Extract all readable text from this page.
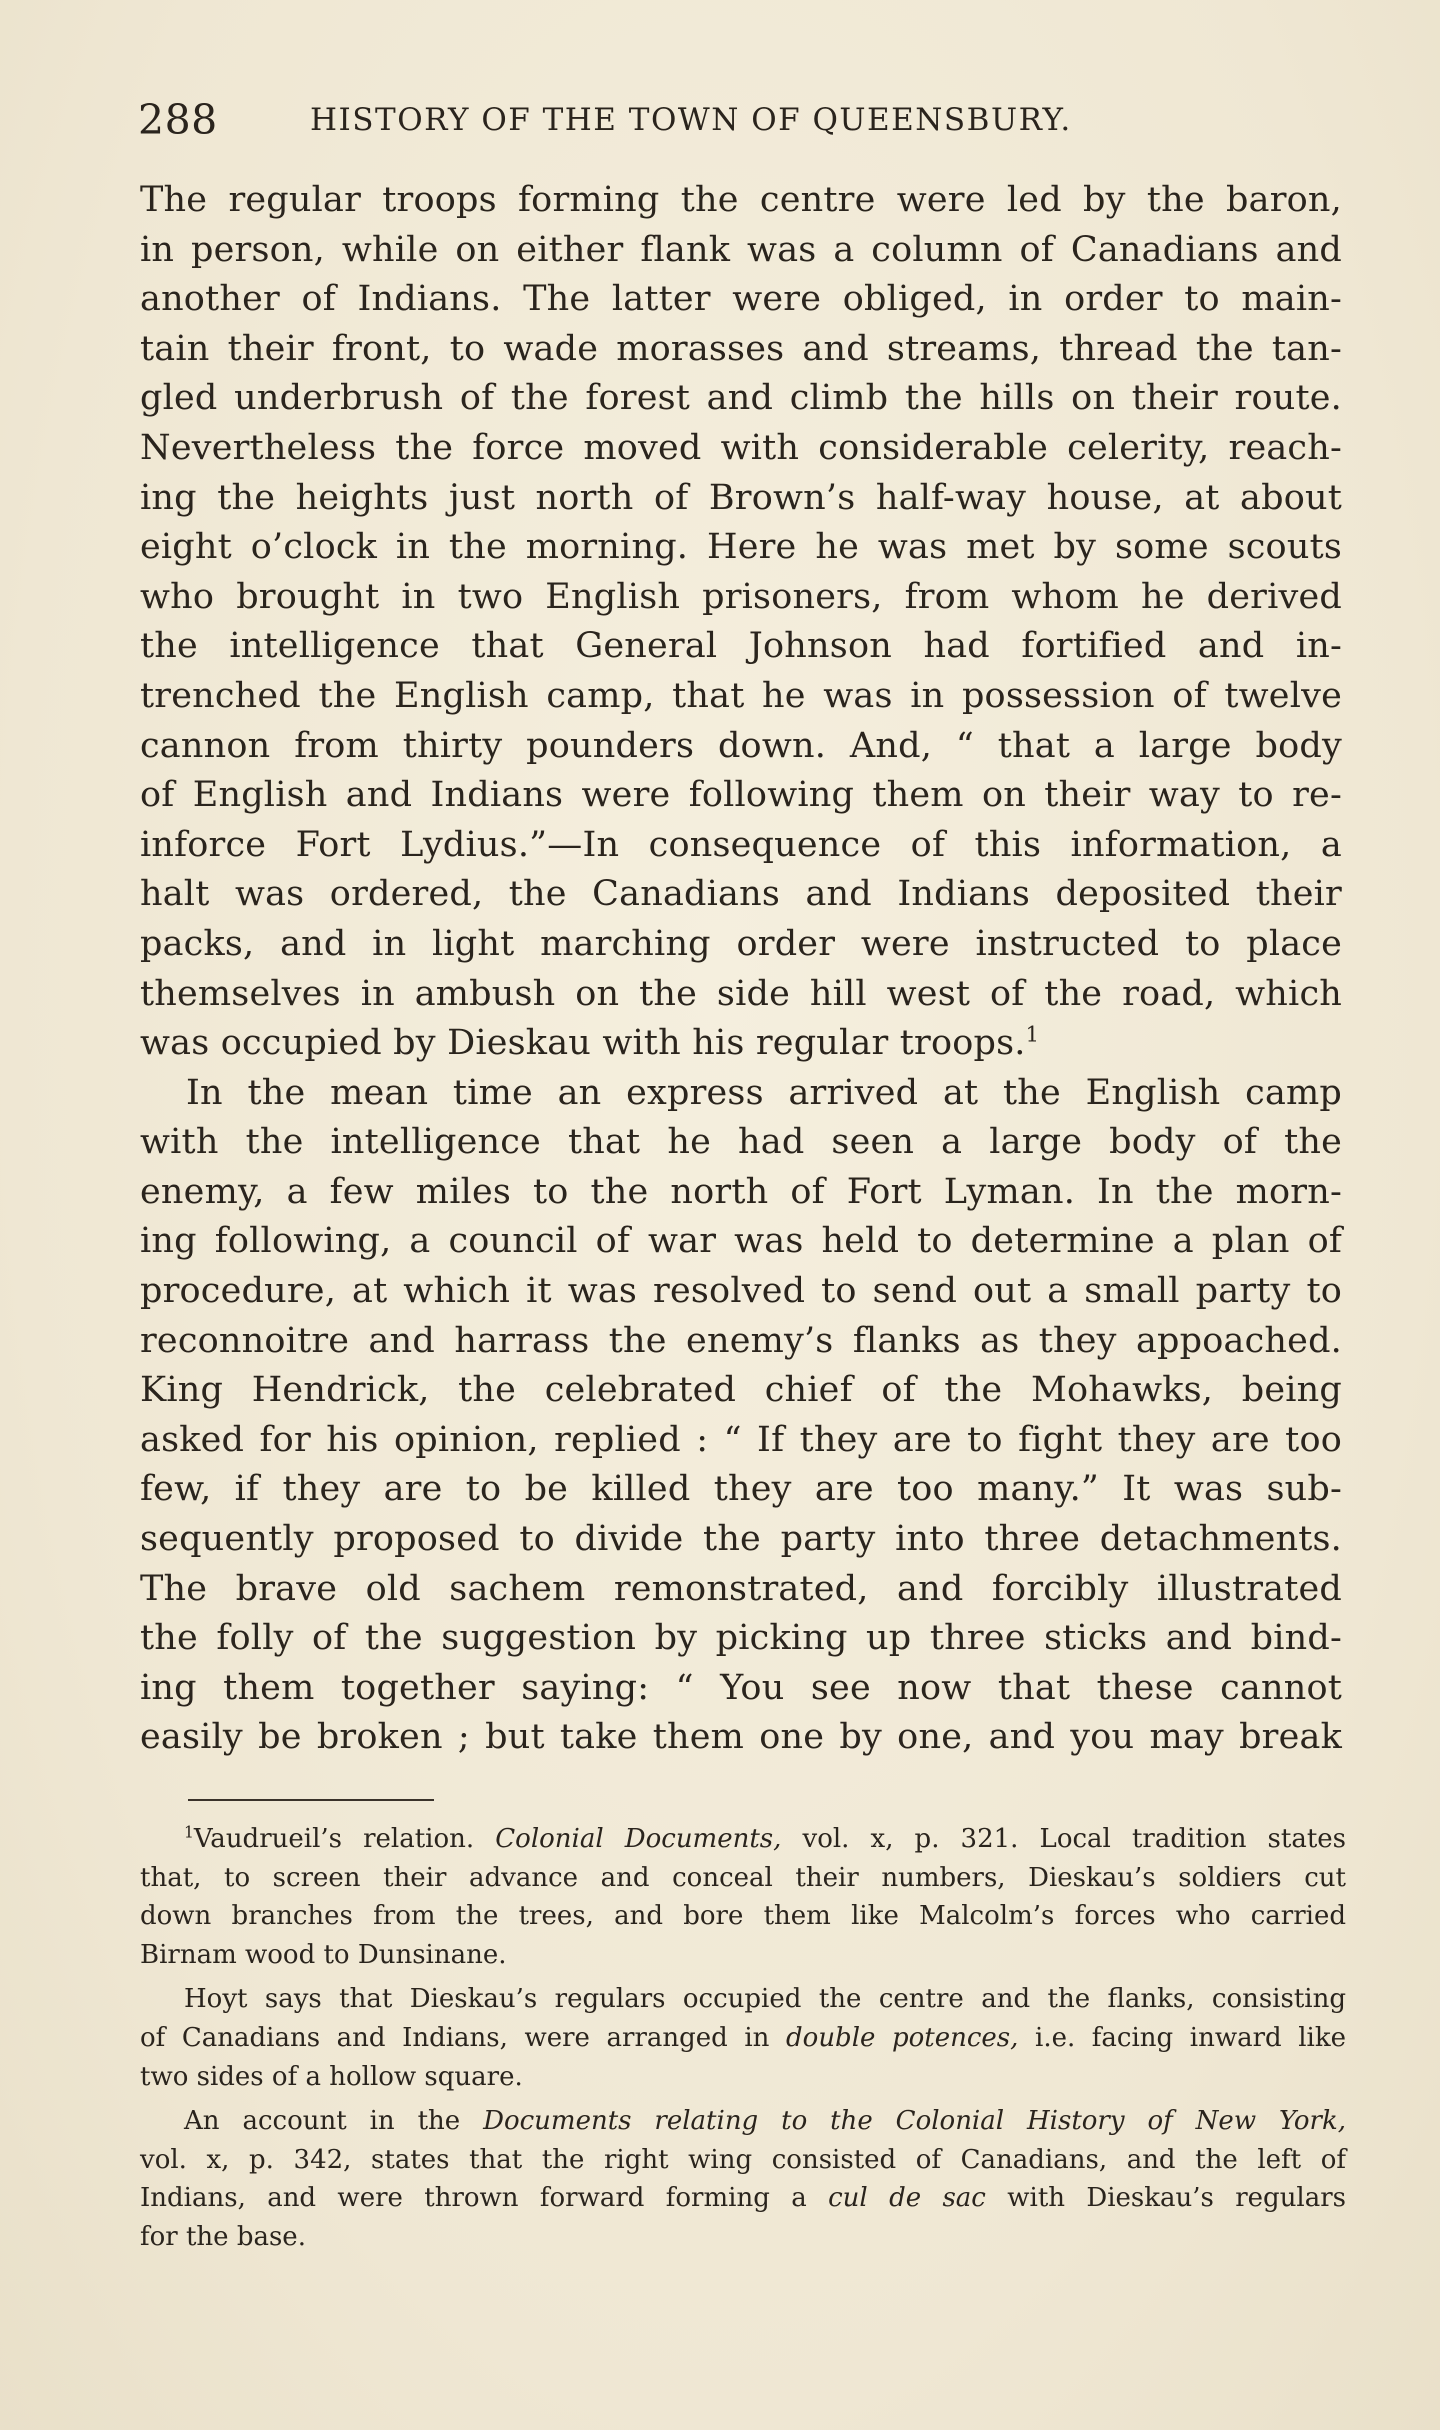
288	HISTORY OF THE TOWN OF QUEENSBURY.
The regular troops forming the centre were led by the baron,
in person, while on either flank was a column of Canadians and
another of Indians. The latter were obliged, in order to main-
tain their front, to wade morasses and streams, thread the tan-
gled underbrush of the forest and climb the hills on their route.
Nevertheless the force moved with considerable celerity, reach-
ing the heights just north of Brown’s half-way house, at about
eight o’clock in the morning. Here he was met by some scouts
who brought in two English prisoners, from whom he derived
the intelligence that General Johnson had fortified and in-
trenched the English camp, that he was in possession of twelve
cannon from thirty pounders down. And, “ that a large body
of English and Indians were following them on their way to re-
inforce Fort Lydius.”—In consequence of this information, a
halt was ordered, the Canadians and Indians deposited their
packs, and in light marching order were instructed to place
themselves in ambush on the side hill west of the road, which
was occupied by Dieskau with his regular troops.$^1$
In the mean time an express arrived at the English camp
with the intelligence that he had seen a large body of the
enemy, a few miles to the north of Fort Lyman. In the morn-
ing following, a council of war was held to determine a plan of
procedure, at which it was resolved to send out a small party to
reconnoitre and harrass the enemy’s flanks as they appoached.
King Hendrick, the celebrated chief of the Mohawks, being
asked for his opinion, replied : “ If they are to fight they are too
few, if they are to be killed they are too many.” It was sub-
sequently proposed to divide the party into three detachments.
The brave old sachem remonstrated, and forcibly illustrated
the folly of the suggestion by picking up three sticks and bind-
ing them together saying: “ You see now that these cannot
easily be broken ; but take them one by one, and you may break
$^1$Vaudrueil’s relation. Colonial Documents, vol. x, p. 321. Local tradition states
that, to screen their advance and conceal their numbers, Dieskau’s soldiers cut
down branches from the trees, and bore them like Malcolm’s forces who carried
Birnam wood to Dunsinane.
Hoyt says that Dieskau’s regulars occupied the centre and the flanks, consisting
of Canadians and Indians, were arranged in double potences, i.e. facing inward like
two sides of a hollow square.
An account in the Documents relating to the Colonial History of New York,
vol. x, p. 342, states that the right wing consisted of Canadians, and the left of
Indians, and were thrown forward forming a cul de sac with Dieskau’s regulars
for the base.
